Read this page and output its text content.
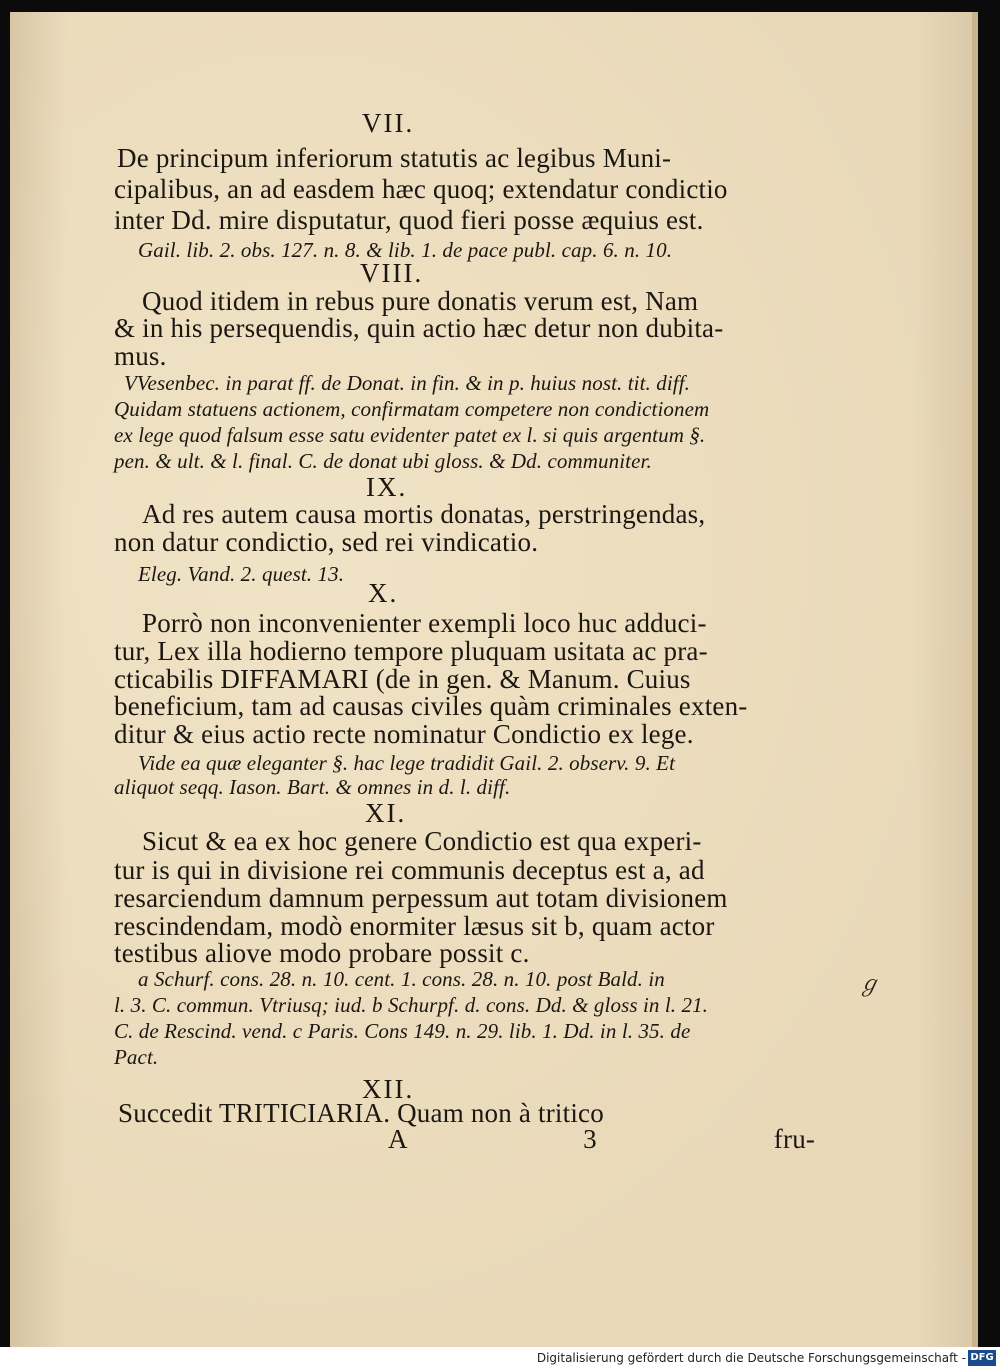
VII.
De principum inferiorum statutis ac legibus Muni-
cipalibus, an ad easdem hæc quoq; extendatur condictio
inter Dd. mire disputatur, quod fieri posse æquius est.
Gail. lib. 2. obs. 127. n. 8. & lib. 1. de pace publ. cap. 6. n. 10.
VIII.
Quod itidem in rebus pure donatis verum est, Nam
& in his persequendis, quin actio hæc detur non dubita-
mus.
VVesenbec. in parat ff. de Donat. in fin. & in p. huius nost. tit. diff.
Quidam statuens actionem, confirmatam competere non condictionem
ex lege quod falsum esse satu evidenter patet ex l. si quis argentum §.
pen. & ult. & l. final. C. de donat ubi gloss. & Dd. communiter.
IX.
Ad res autem causa mortis donatas, perstringendas,
non datur condictio, sed rei vindicatio.
Eleg. Vand. 2. quest. 13.
X.
Porrò non inconvenienter exempli loco huc adduci-
tur, Lex illa hodierno tempore pluquam usitata ac pra-
cticabilis DIFFAMARI (de in gen. & Manum. Cuius
beneficium, tam ad causas civiles quàm criminales exten-
ditur & eius actio recte nominatur Condictio ex lege.
Vide ea quæ eleganter §. hac lege tradidit Gail. 2. observ. 9. Et
aliquot seqq. Iason. Bart. & omnes in d. l. diff.
XI.
Sicut & ea ex hoc genere Condictio est qua experi-
tur is qui in divisione rei communis deceptus est a, ad
resarciendum damnum perpessum aut totam divisionem
rescindendam, modò enormiter læsus sit b, quam actor
testibus aliove modo probare possit c.
a Schurf. cons. 28. n. 10. cent. 1. cons. 28. n. 10. post Bald. in
l. 3. C. commun. Vtriusq; iud. b Schurpf. d. cons. Dd. & gloss in l. 21.
C. de Rescind. vend. c Paris. Cons 149. n. 29. lib. 1. Dd. in l. 35. de
Pact.
XII.
Succedit TRITICIARIA. Quam non à tritico
A 3 fru-
ℊ
Digitalisierung gefördert durch die Deutsche Forschungsgemeinschaft - DFG
